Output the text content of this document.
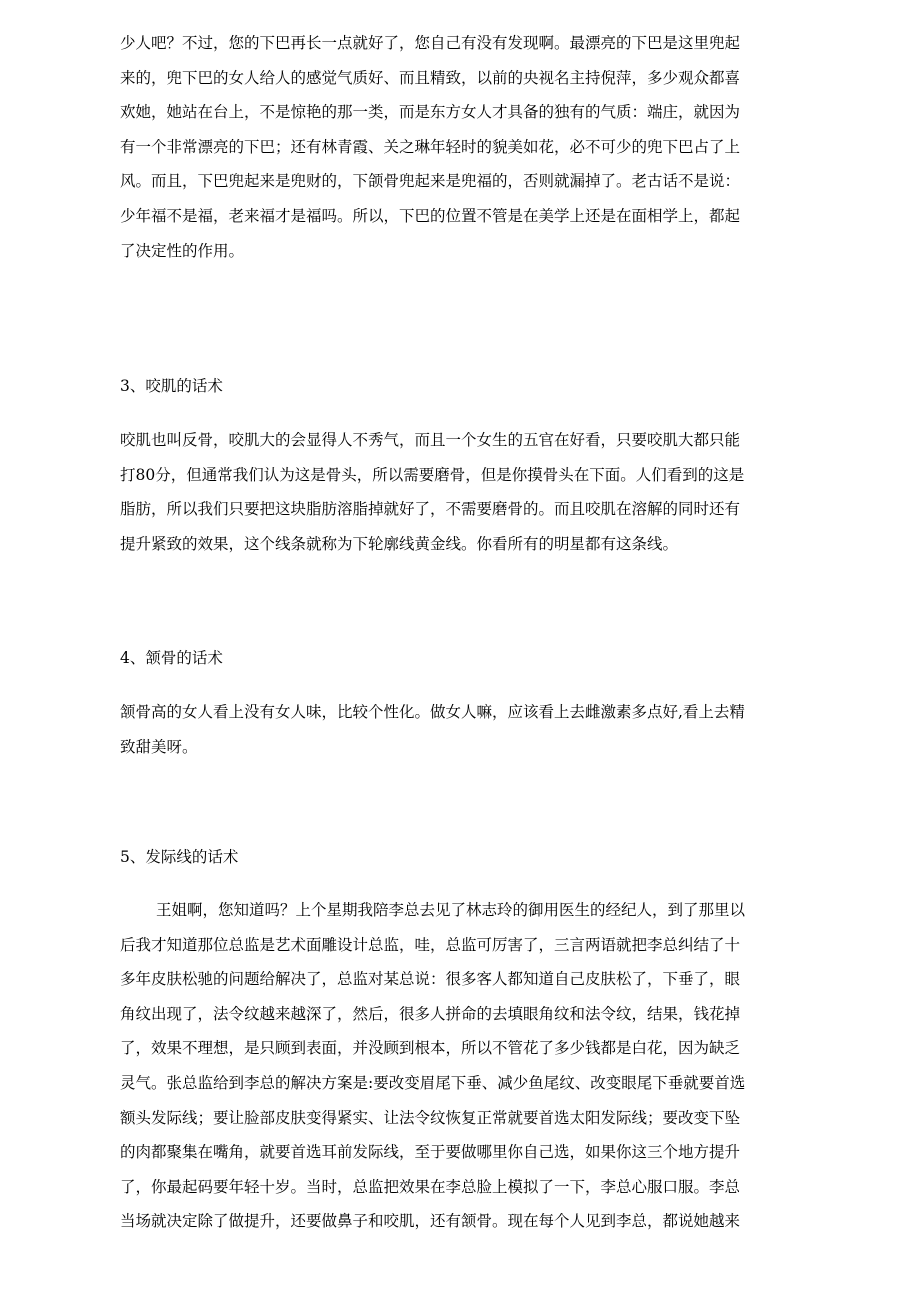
少人吧？不过，您的下巴再长一点就好了，您自己有没有发现啊。最漂亮的下巴是这里兜起
来的，兜下巴的女人给人的感觉气质好、而且精致，以前的央视名主持倪萍，多少观众都喜
欢她，她站在台上，不是惊艳的那一类，而是东方女人才具备的独有的气质：端庄，就因为
有一个非常漂亮的下巴；还有林青霞、关之琳年轻时的貌美如花，必不可少的兜下巴占了上
风。而且，下巴兜起来是兜财的，下颌骨兜起来是兜福的，否则就漏掉了。老古话不是说：
少年福不是福，老来福才是福吗。所以，下巴的位置不管是在美学上还是在面相学上，都起
了决定性的作用。
3、咬肌的话术
咬肌也叫反骨，咬肌大的会显得人不秀气，而且一个女生的五官在好看，只要咬肌大都只能
打80分，但通常我们认为这是骨头，所以需要磨骨，但是你摸骨头在下面。人们看到的这是
脂肪，所以我们只要把这块脂肪溶脂掉就好了，不需要磨骨的。而且咬肌在溶解的同时还有
提升紧致的效果，这个线条就称为下轮廓线黄金线。你看所有的明星都有这条线。
4、颔骨的话术
颔骨高的女人看上没有女人味，比较个性化。做女人嘛，应该看上去雌激素多点好,看上去精
致甜美呀。
5、发际线的话术
王姐啊，您知道吗？上个星期我陪李总去见了林志玲的御用医生的经纪人，到了那里以
后我才知道那位总监是艺术面雕设计总监，哇，总监可厉害了，三言两语就把李总纠结了十
多年皮肤松驰的问题给解决了，总监对某总说：很多客人都知道自己皮肤松了，下垂了，眼
角纹出现了，法令纹越来越深了，然后，很多人拼命的去填眼角纹和法令纹，结果，钱花掉
了，效果不理想，是只顾到表面，并没顾到根本，所以不管花了多少钱都是白花，因为缺乏
灵气。张总监给到李总的解决方案是:要改变眉尾下垂、减少鱼尾纹、改变眼尾下垂就要首选
额头发际线；要让脸部皮肤变得紧实、让法令纹恢复正常就要首选太阳发际线；要改变下坠
的肉都聚集在嘴角，就要首选耳前发际线，至于要做哪里你自己选，如果你这三个地方提升
了，你最起码要年轻十岁。当时，总监把效果在李总脸上模拟了一下，李总心服口服。李总
当场就决定除了做提升，还要做鼻子和咬肌，还有颔骨。现在每个人见到李总，都说她越来
